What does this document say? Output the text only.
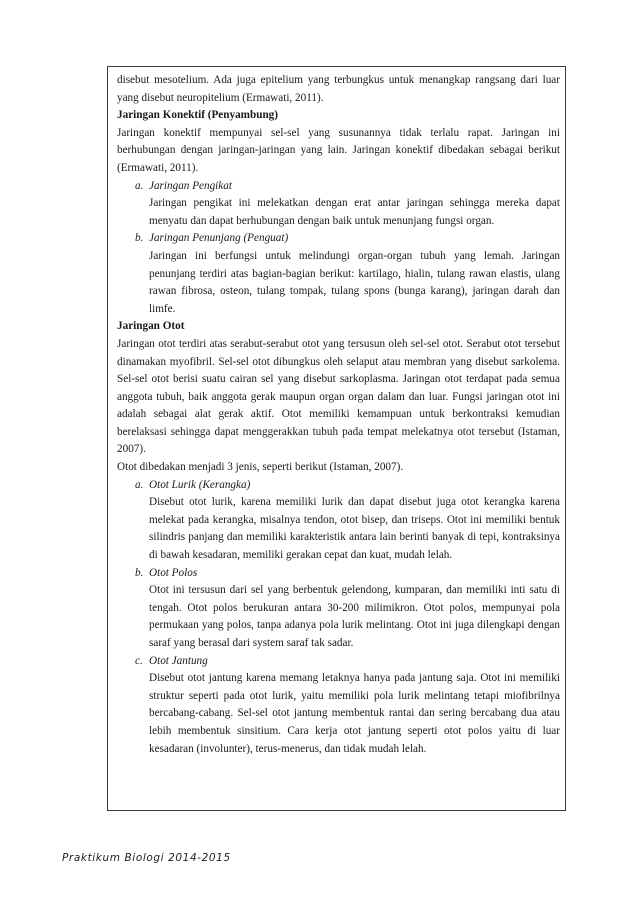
disebut mesotelium. Ada juga epitelium yang terbungkus untuk menangkap rangsang dari luar yang disebut neuropitelium (Ermawati, 2011).

Jaringan Konektif (Penyambung)

Jaringan konektif mempunyai sel-sel yang susunannya tidak terlalu rapat. Jaringan ini berhubungan dengan jaringan-jaringan yang lain. Jaringan konektif dibedakan sebagai berikut (Ermawati, 2011).

a. Jaringan Pengikat

Jaringan pengikat ini melekatkan dengan erat antar jaringan sehingga mereka dapat menyatu dan dapat berhubungan dengan baik untuk menunjang fungsi organ.

b. Jaringan Penunjang (Penguat)

Jaringan ini berfungsi untuk melindungi organ-organ tubuh yang lemah. Jaringan penunjang terdiri atas bagian-bagian berikut: kartilago, hialin, tulang rawan elastis, ulang rawan fibrosa, osteon, tulang tompak, tulang spons (bunga karang), jaringan darah dan limfe.

Jaringan Otot

Jaringan otot terdiri atas serabut-serabut otot yang tersusun oleh sel-sel otot. Serabut otot tersebut dinamakan myofibril. Sel-sel otot dibungkus oleh selaput atau membran yang disebut sarkolema. Sel-sel otot berisi suatu cairan sel yang disebut sarkoplasma. Jaringan otot terdapat pada semua anggota tubuh, baik anggota gerak maupun organ organ dalam dan luar. Fungsi jaringan otot ini adalah sebagai alat gerak aktif. Otot memiliki kemampuan untuk berkontraksi kemudian berelaksasi sehingga dapat menggerakkan tubuh pada tempat melekatnya otot tersebut (Istaman, 2007).

Otot dibedakan menjadi 3 jenis, seperti berikut (Istaman, 2007).

a. Otot Lurik (Kerangka)

Disebut otot lurik, karena memiliki lurik dan dapat disebut juga otot kerangka karena melekat pada kerangka, misalnya tendon, otot bisep, dan triseps. Otot ini memiliki bentuk silindris panjang dan memiliki karakteristik antara lain berinti banyak di tepi, kontraksinya di bawah kesadaran, memiliki gerakan cepat dan kuat, mudah lelah.

b. Otot Polos

Otot ini tersusun dari sel yang berbentuk gelendong, kumparan, dan memiliki inti satu di tengah. Otot polos berukuran antara 30-200 milimikron. Otot polos, mempunyai pola permukaan yang polos, tanpa adanya pola lurik melintang. Otot ini juga dilengkapi dengan saraf yang berasal dari system saraf tak sadar.

c. Otot Jantung

Disebut otot jantung karena memang letaknya hanya pada jantung saja. Otot ini memiliki struktur seperti pada otot lurik, yaitu memiliki pola lurik melintang tetapi miofibrilnya bercabang-cabang. Sel-sel otot jantung membentuk rantai dan sering bercabang dua atau lebih membentuk sinsitium. Cara kerja otot jantung seperti otot polos yaitu di luar kesadaran (involunter), terus-menerus, dan tidak mudah lelah.

Praktikum Biologi 2014-2015
